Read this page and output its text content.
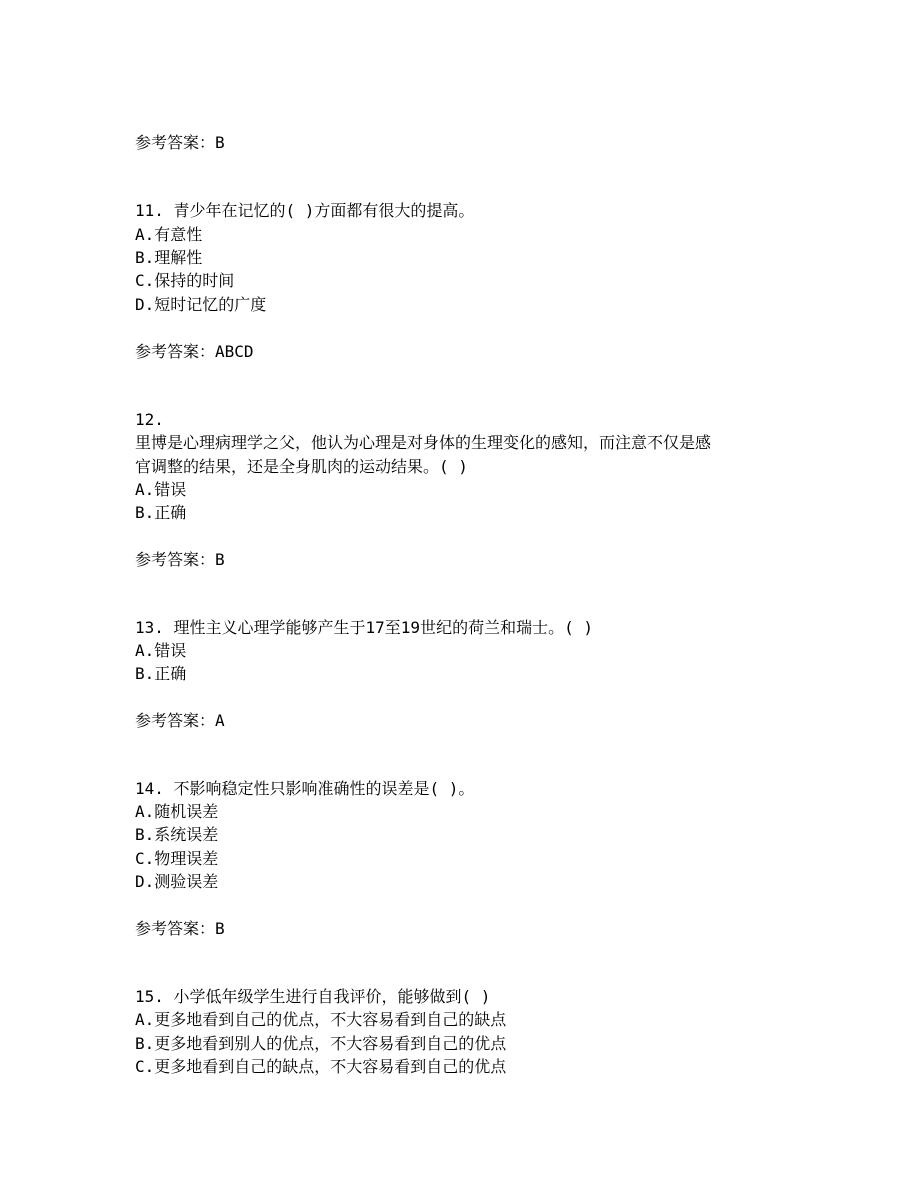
参考答案：B
11. 青少年在记忆的( )方面都有很大的提高。
A.有意性
B.理解性
C.保持的时间
D.短时记忆的广度
参考答案：ABCD
12.
里博是心理病理学之父，他认为心理是对身体的生理变化的感知，而注意不仅是感
官调整的结果，还是全身肌肉的运动结果。( )
A.错误
B.正确
参考答案：B
13. 理性主义心理学能够产生于17至19世纪的荷兰和瑞士。( )
A.错误
B.正确
参考答案：A
14. 不影响稳定性只影响准确性的误差是( )。
A.随机误差
B.系统误差
C.物理误差
D.测验误差
参考答案：B
15. 小学低年级学生进行自我评价，能够做到( )
A.更多地看到自己的优点，不大容易看到自己的缺点
B.更多地看到别人的优点，不大容易看到自己的优点
C.更多地看到自己的缺点，不大容易看到自己的优点
